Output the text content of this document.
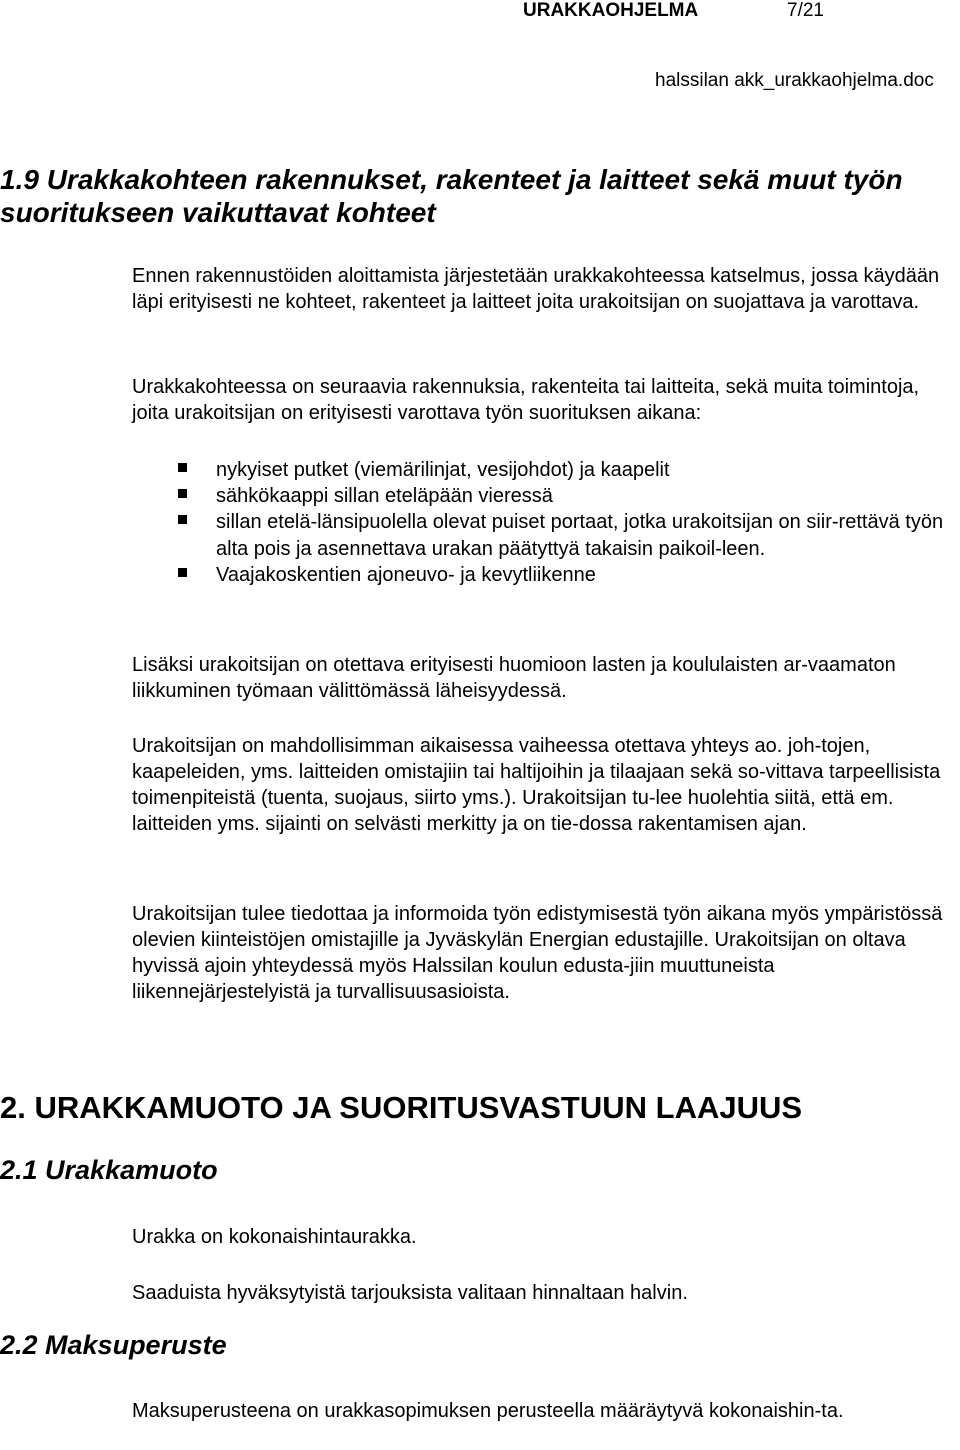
URAKKAOHJELMA	7/21
halssilan akk_urakkaohjelma.doc
1.9 Urakkakohteen rakennukset, rakenteet ja laitteet sekä muut työn suoritukseen vaikuttavat kohteet

Ennen rakennustöiden aloittamista järjestetään urakkakohteessa katselmus, jossa käydään läpi erityisesti ne kohteet, rakenteet ja laitteet joita urakoitsijan on suojattava ja varottava.

Urakkakohteessa on seuraavia rakennuksia, rakenteita tai laitteita, sekä muita toimintoja, joita urakoitsijan on erityisesti varottava työn suorituksen aikana:

nykyiset putket (viemärilinjat, vesijohdot) ja kaapelit
sähkökaappi sillan eteläpään vieressä
sillan etelä-länsipuolella olevat puiset portaat, jotka urakoitsijan on siir-rettävä työn alta pois ja asennettava urakan päätyttyä takaisin paikoil-leen.
Vaajakoskentien ajoneuvo- ja kevytliikenne

Lisäksi urakoitsijan on otettava erityisesti huomioon lasten ja koululaisten ar-vaamaton liikkuminen työmaan välittömässä läheisyydessä.

Urakoitsijan on mahdollisimman aikaisessa vaiheessa otettava yhteys ao. joh-tojen, kaapeleiden, yms. laitteiden omistajiin tai haltijoihin ja tilaajaan sekä so-vittava tarpeellisista toimenpiteistä (tuenta, suojaus, siirto yms.). Urakoitsijan tu-lee huolehtia siitä, että em. laitteiden yms. sijainti on selvästi merkitty ja on tie-dossa rakentamisen ajan.

Urakoitsijan tulee tiedottaa ja informoida työn edistymisestä työn aikana myös ympäristössä olevien kiinteistöjen omistajille ja Jyväskylän Energian edustajille. Urakoitsijan on oltava hyvissä ajoin yhteydessä myös Halssilan koulun edusta-jiin muuttuneista liikennejärjestelyistä ja turvallisuusasioista.

2. URAKKAMUOTO JA SUORITUSVASTUUN LAAJUUS
2.1 Urakkamuoto

Urakka on kokonaishintaurakka.

Saaduista hyväksytyistä tarjouksista valitaan hinnaltaan halvin.

2.2 Maksuperuste

Maksuperusteena on urakkasopimuksen perusteella määräytyvä kokonaishin-ta.
